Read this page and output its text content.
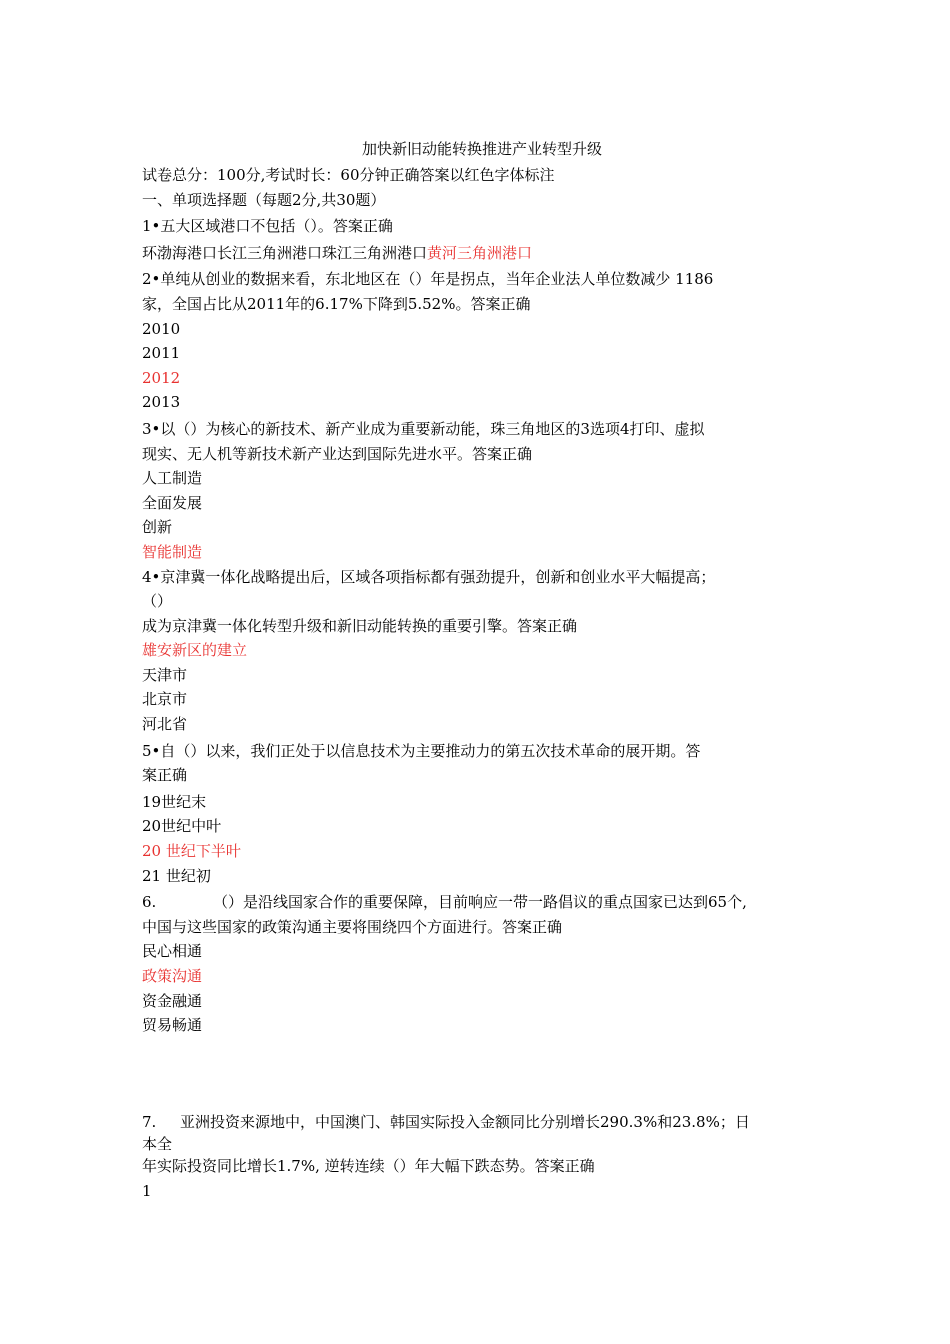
加快新旧动能转换推进产业转型升级
试卷总分：100分,考试时长：60分钟正确答案以红色字体标注
一、单项选择题（每题2分,共30题）
1•五大区域港口不包括（）。答案正确
环渤海港口长江三角洲港口珠江三角洲港口黄河三角洲港口
2•单纯从创业的数据来看，东北地区在（）年是拐点，当年企业法人单位数减少 1186
家，全国占比从2011年的6.17%下降到5.52%。答案正确
2010
2011
2012
2013
3•以（）为核心的新技术、新产业成为重要新动能，珠三角地区的3选项4打印、虚拟
现实、无人机等新技术新产业达到国际先进水平。答案正确
人工制造
全面发展
创新
智能制造
4•京津冀一体化战略提出后，区域各项指标都有强劲提升，创新和创业水平大幅提高；
（）
成为京津冀一体化转型升级和新旧动能转换的重要引擎。答案正确
雄安新区的建立
天津市
北京市
河北省
5•自（）以来，我们正处于以信息技术为主要推动力的第五次技术革命的展开期。答
案正确
19世纪末
20世纪中叶
20 世纪下半叶
21 世纪初
6.	（）是沿线国家合作的重要保障，目前响应一带一路倡议的重点国家已达到65个,
中国与这些国家的政策沟通主要将围绕四个方面进行。答案正确
民心相通
政策沟通
资金融通
贸易畅通
7. 亚洲投资来源地中，中国澳门、韩国实际投入金额同比分别增长290.3%和23.8%；日
本全
年实际投资同比增长1.7%, 逆转连续（）年大幅下跌态势。答案正确
1
